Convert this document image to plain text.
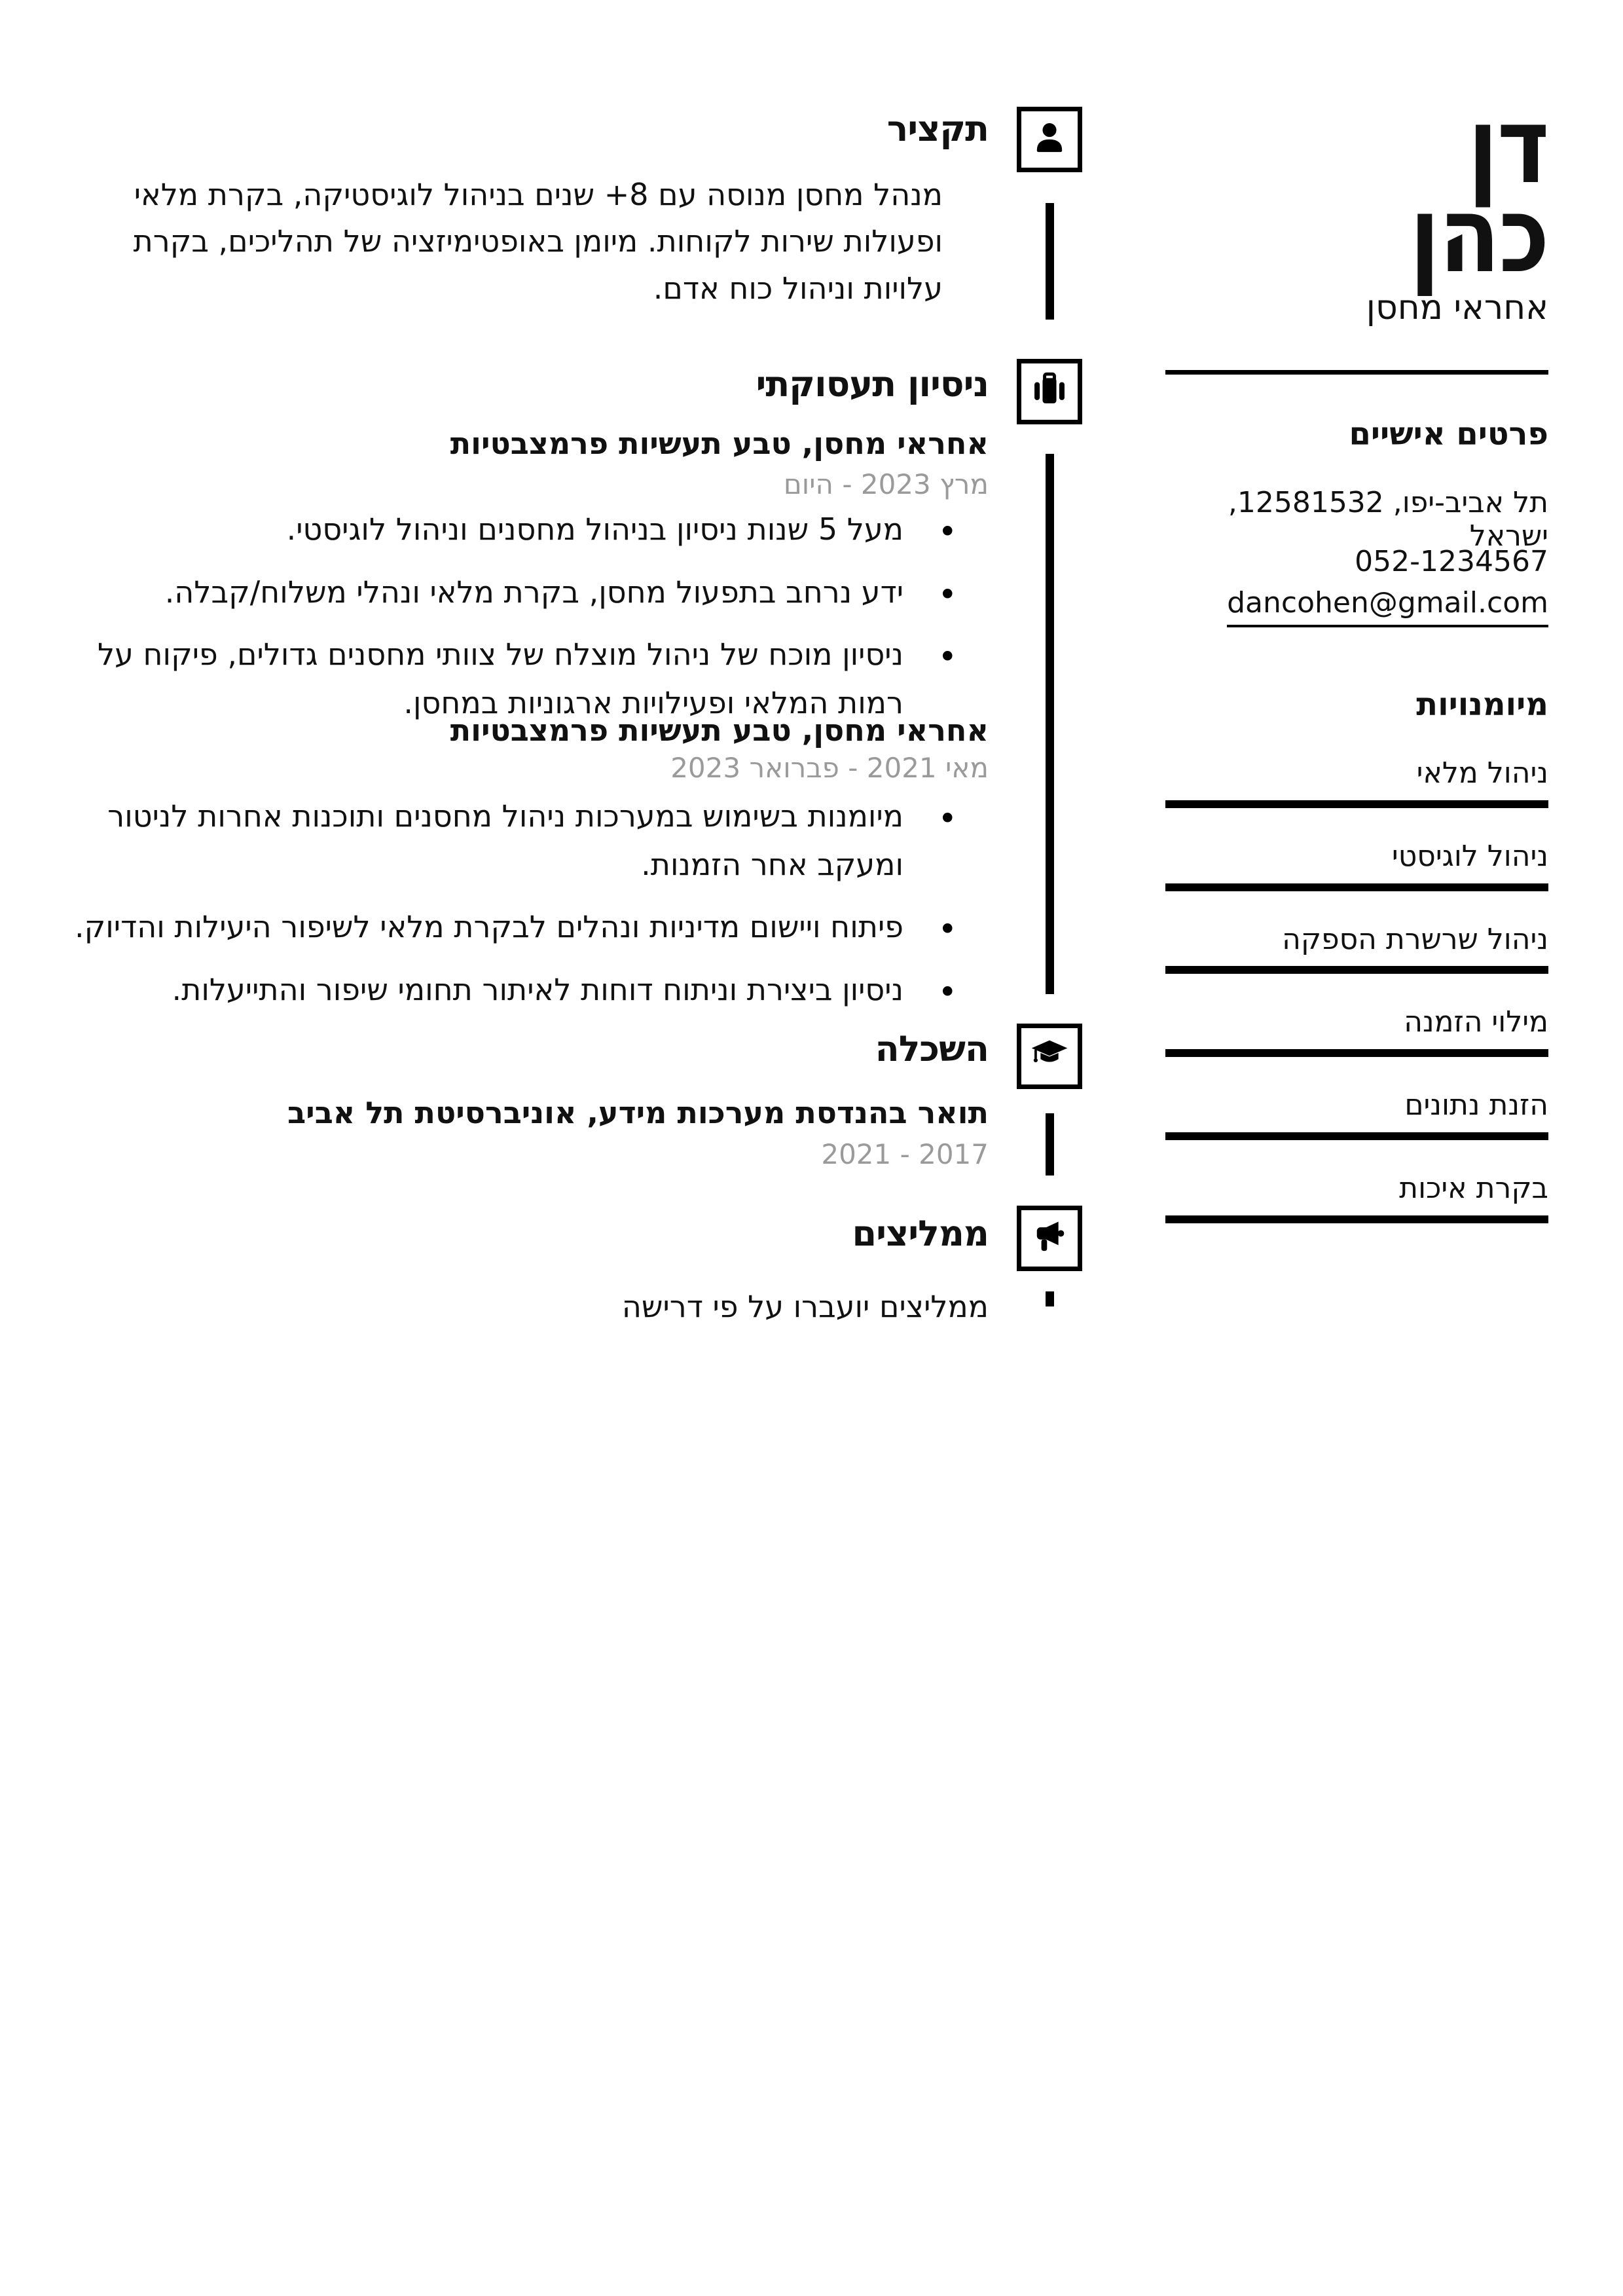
תקציר

מנהל מחסן מנוסה עם 8+ שנים בניהול לוגיסטיקה, בקרת מלאי ופעולות שירות לקוחות. מיומן באופטימיזציה של תהליכים, בקרת עלויות וניהול כוח אדם.

ניסיון תעסוקתי
אחראי מחסן, טבע תעשיות פרמצבטיות
מרץ 2023 - היום
• מעל 5 שנות ניסיון בניהול מחסנים וניהול לוגיסטי.
• ידע נרחב בתפעול מחסן, בקרת מלאי ונהלי משלוח/קבלה.
• ניסיון מוכח של ניהול מוצלח של צוותי מחסנים גדולים, פיקוח על רמות המלאי ופעילויות ארגוניות במחסן.
אחראי מחסן, טבע תעשיות פרמצבטיות
מאי 2021 - פברואר 2023
• מיומנות בשימוש במערכות ניהול מחסנים ותוכנות אחרות לניטור ומעקב אחר הזמנות.
• פיתוח ויישום מדיניות ונהלים לבקרת מלאי לשיפור היעילות והדיוק.
• ניסיון ביצירת וניתוח דוחות לאיתור תחומי שיפור והתייעלות.
השכלה
תואר בהנדסת מערכות מידע, אוניברסיטת תל אביב
2017 - 2021
ממליצים
ממליצים יועברו על פי דרישה
דן
כהן
אחראי מחסן
פרטים אישיים
תל אביב-יפו, 12581532, ישראל
052-1234567
dancohen@gmail.com
מיומנויות
ניהול מלאי
ניהול לוגיסטי
ניהול שרשרת הספקה
מילוי הזמנה
הזנת נתונים
בקרת איכות
